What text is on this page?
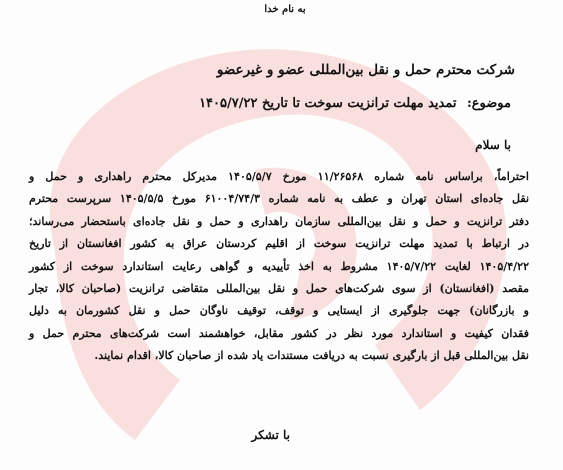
به نام خدا
شرکت محترم حمل و نقل بین‌المللی عضو و غیرعضو
موضوع: تمدید مهلت ترانزیت سوخت تا تاریخ ۱۴۰۵/۷/۲۲
با سلام
احتراماً، براساس نامه شماره ۱۱/۲۶۵۶۸ مورخ ۱۴۰۵/۵/۷ مدیرکل محترم راهداری و حمل و
نقل جاده‌ای استان تهران و عطف به نامه شماره ۶۱۰۰۴/۷۴/۳ مورخ ۱۴۰۵/۵/۵ سرپرست محترم
دفتر ترانزیت و حمل و نقل بین‌المللی سازمان راهداری و حمل و نقل جاده‌ای باستحضار می‌رساند؛
در ارتباط با تمدید مهلت ترانزیت سوخت از اقلیم کردستان عراق به کشور افغانستان از تاریخ
۱۴۰۵/۴/۲۲ لغایت ۱۴۰۵/۷/۲۲ مشروط به اخذ تأییدیه و گواهی رعایت استاندارد سوخت از کشور
مقصد (افغانستان) از سوی شرکت‌های حمل و نقل بین‌المللی متقاضی ترانزیت (صاحبان کالا، تجار
و بازرگانان) جهت جلوگیری از ایستایی و توقف، توقیف ناوگان حمل و نقل کشورمان به دلیل
فقدان کیفیت و استاندارد مورد نظر در کشور مقابل، خواهشمند است شرکت‌های محترم حمل و
نقل بین‌المللی قبل از بارگیری نسبت به دریافت مستندات یاد شده از صاحبان کالا، اقدام نمایند.
با تشکر
